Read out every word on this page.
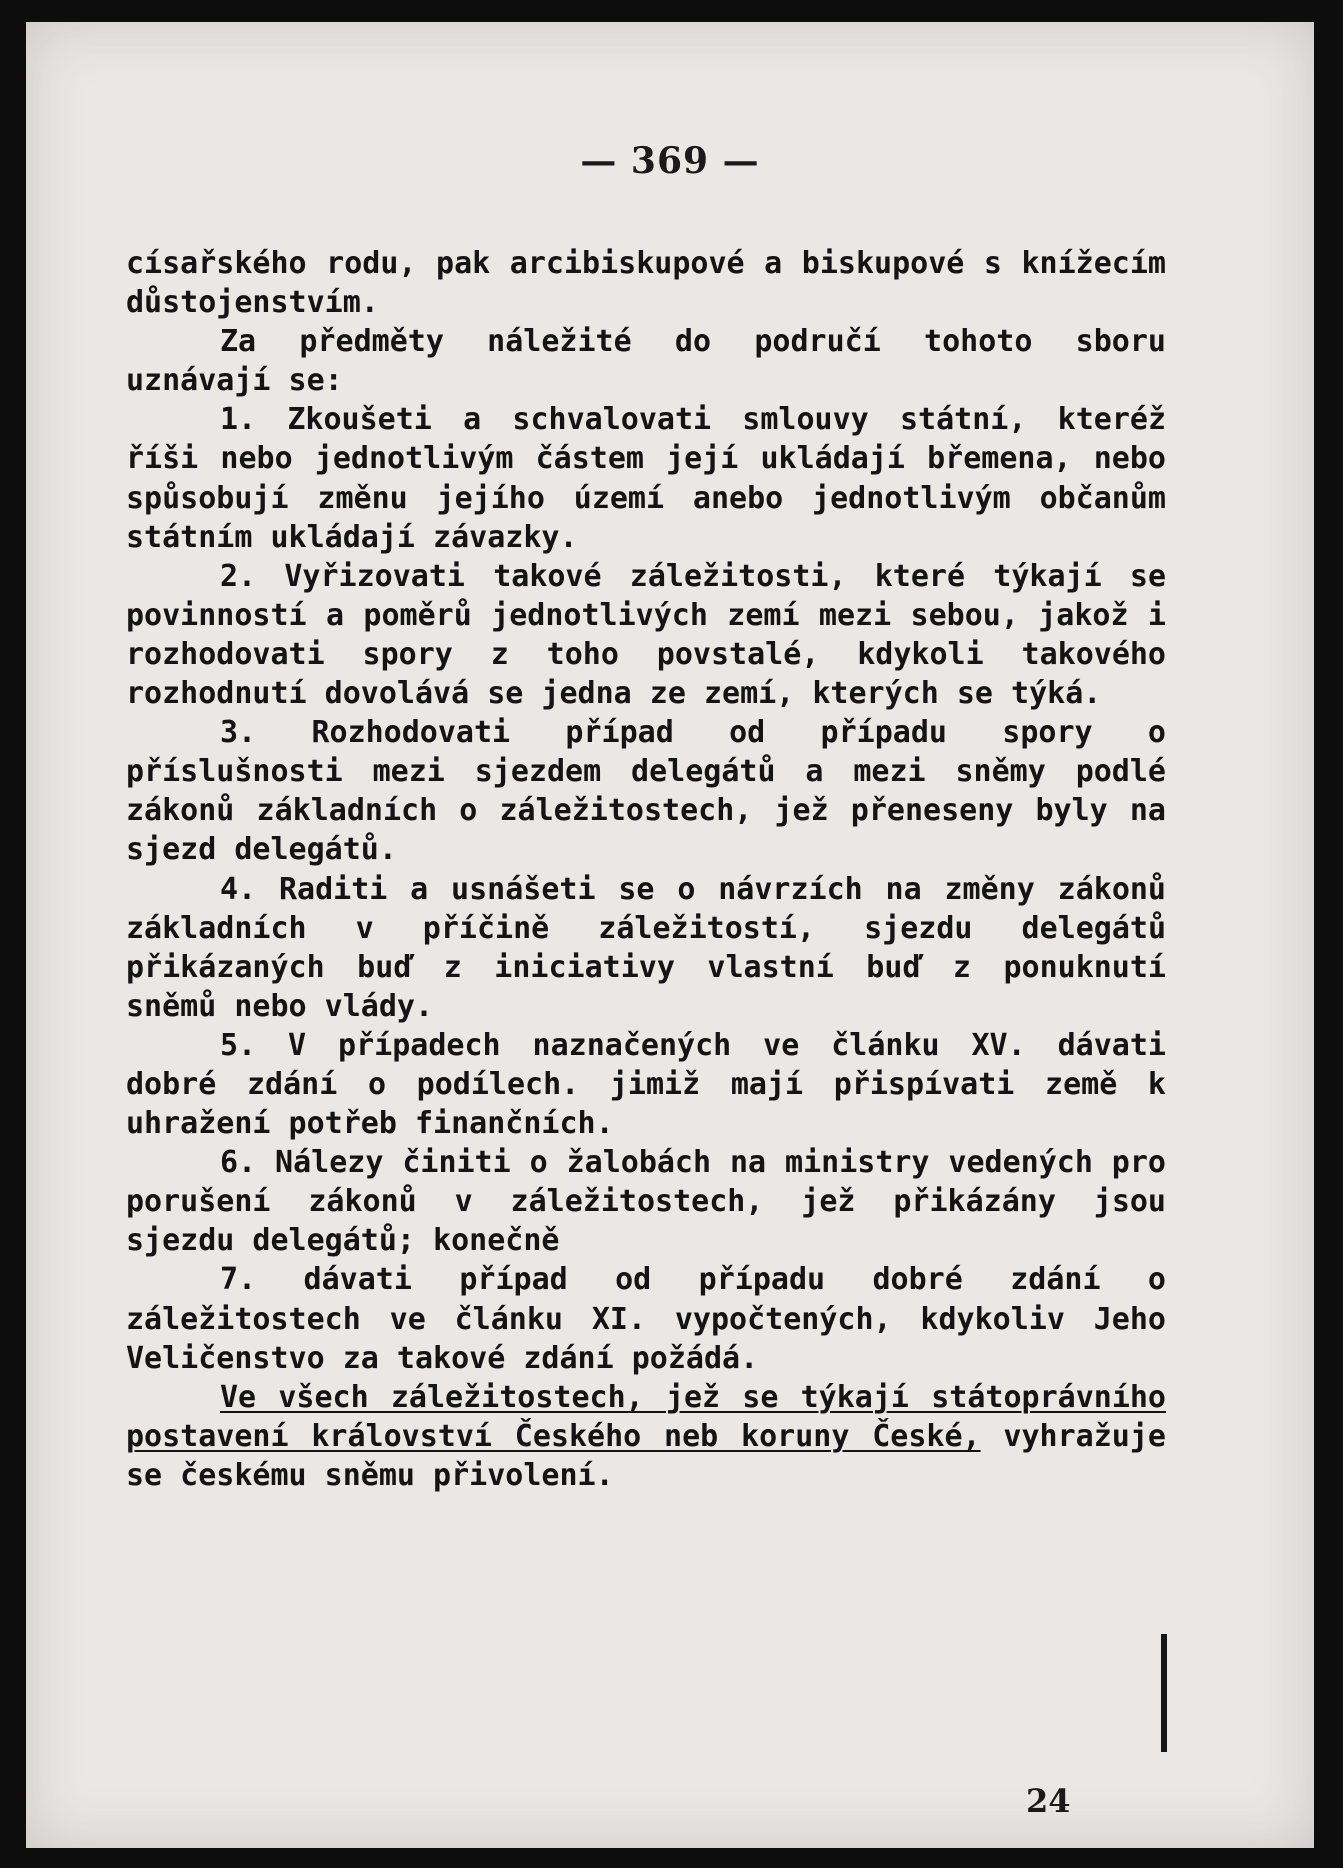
— 369 —

císařského rodu, pak arcibiskupové a biskupové s knížecím důstojenstvím.

Za předměty náležité do područí tohoto sboru uznávají se:

1. Zkoušeti a schvalovati smlouvy státní, kteréž říši nebo jednotlivým částem její ukládají břemena, nebo spůsobují změnu jejího území anebo jednotlivým občanům státním ukládají závazky.

2. Vyřizovati takové záležitosti, které týkají se povinností a poměrů jednotlivých zemí mezi sebou, jakož i rozhodovati spory z toho povstalé, kdykoli takového rozhodnutí dovolává se jedna ze zemí, kterých se týká.

3. Rozhodovati případ od případu spory o příslušnosti mezi sjezdem delegátů a mezi sněmy podlé zákonů základních o záležitostech, jež přeneseny byly na sjezd delegátů.

4. Raditi a usnášeti se o návrzích na změny zákonů základních v příčině záležitostí, sjezdu delegátů přikázaných buď z iniciativy vlastní buď z ponuknutí sněmů nebo vlády.

5. V případech naznačených ve článku XV. dávati dobré zdání o podílech. jimiž mají přispívati země k uhražení potřeb finančních.

6. Nálezy činiti o žalobách na ministry vedených pro porušení zákonů v záležitostech, jež přikázány jsou sjezdu delegátů; konečně

7. dávati případ od případu dobré zdání o záležitostech ve článku XI. vypočtených, kdykoliv Jeho Veličenstvo za takové zdání požádá.

Ve všech záležitostech, jež se týkají státoprávního postavení království Českého neb koruny České, vyhražuje se českému sněmu přivolení.

24
